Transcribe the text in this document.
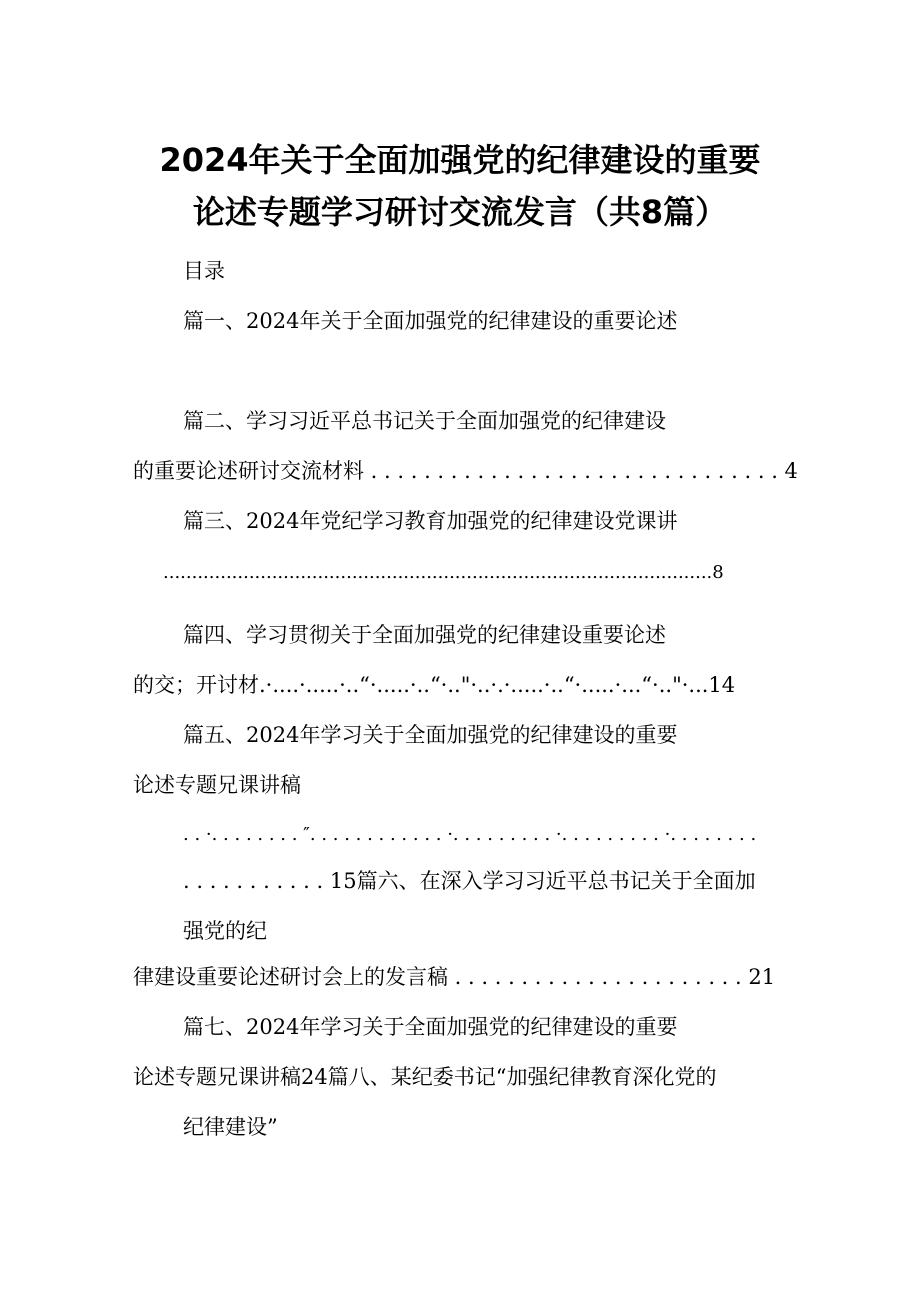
2024年关于全面加强党的纪律建设的重要
论述专题学习研讨交流发言（共8篇）
目录
篇一、2024年关于全面加强党的纪律建设的重要论述
篇二、学习习近平总书记关于全面加强党的纪律建设
的重要论述研讨交流材料 . . . . . . . . . . . . . . . . . . . . . . . . . . . . . . . 4
篇三、2024年党纪学习教育加强党的纪律建设党课讲
................................................................................................8
篇四、学习贯彻关于全面加强党的纪律建设重要论述
的交；开讨材.·....·.....·..“·.....·..“·.."·..·.·.....·..“·.....·...“·.."·...14
篇五、2024年学习关于全面加强党的纪律建设的重要
论述专题兄课讲稿
. . ·. . . . . . . . ″. . . . . . . . . . . . ·. . . . . . . . . ·. . . . . . . . . ·. . . . . . . .
. . . . . . . . . . . 15篇六、在深入学习习近平总书记关于全面加
强党的纪
律建设重要论述研讨会上的发言稿 . . . . . . . . . . . . . . . . . . . . . . 21
篇七、2024年学习关于全面加强党的纪律建设的重要
论述专题兄课讲稿24篇八、某纪委书记“加强纪律教育深化党的
纪律建设”
